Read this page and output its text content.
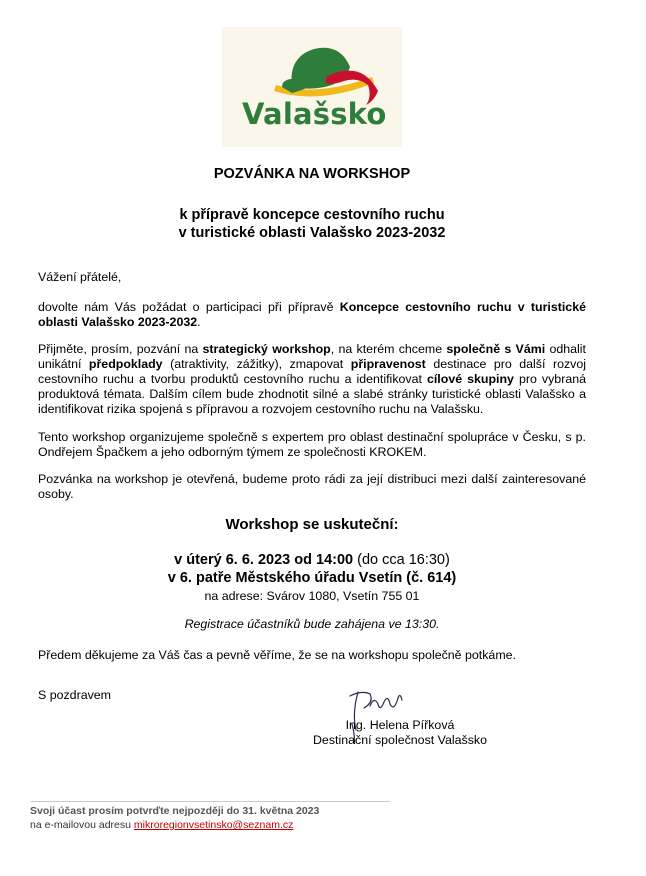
Valašsko
POZVÁNKA NA WORKSHOP
k přípravě koncepce cestovního ruchu
v turistické oblasti Valašsko 2023-2032
Vážení přátelé,
dovolte nám Vás požádat o participaci při přípravě Koncepce cestovního ruchu v turistické oblasti Valašsko 2023-2032.
Přijměte, prosím, pozvání na strategický workshop, na kterém chceme společně s Vámi odhalit unikátní předpoklady (atraktivity, zážitky), zmapovat připravenost destinace pro další rozvoj cestovního ruchu a tvorbu produktů cestovního ruchu a identifikovat cílové skupiny pro vybraná produktová témata. Dalším cílem bude zhodnotit silné a slabé stránky turistické oblasti Valašsko a identifikovat rizika spojená s přípravou a rozvojem cestovního ruchu na Valašsku.
Tento workshop organizujeme společně s expertem pro oblast destinační spolupráce v Česku, s p. Ondřejem Špačkem a jeho odborným týmem ze společnosti KROKEM.
Pozvánka na workshop je otevřená, budeme proto rádi za její distribuci mezi další zainteresované osoby.
Workshop se uskuteční:
v úterý 6. 6. 2023 od 14:00 (do cca 16:30)
v 6. patře Městského úřadu Vsetín (č. 614)
na adrese: Svárov 1080, Vsetín 755 01
Registrace účastníků bude zahájena ve 13:30.
Předem děkujeme za Váš čas a pevně věříme, že se na workshopu společně potkáme.
S pozdravem
Ing. Helena Pířková
Destinační společnost Valašsko
Svoji účast prosím potvrďte nejpozději do 31. května 2023
na e-mailovou adresu mikroregionvsetinsko@seznam.cz
